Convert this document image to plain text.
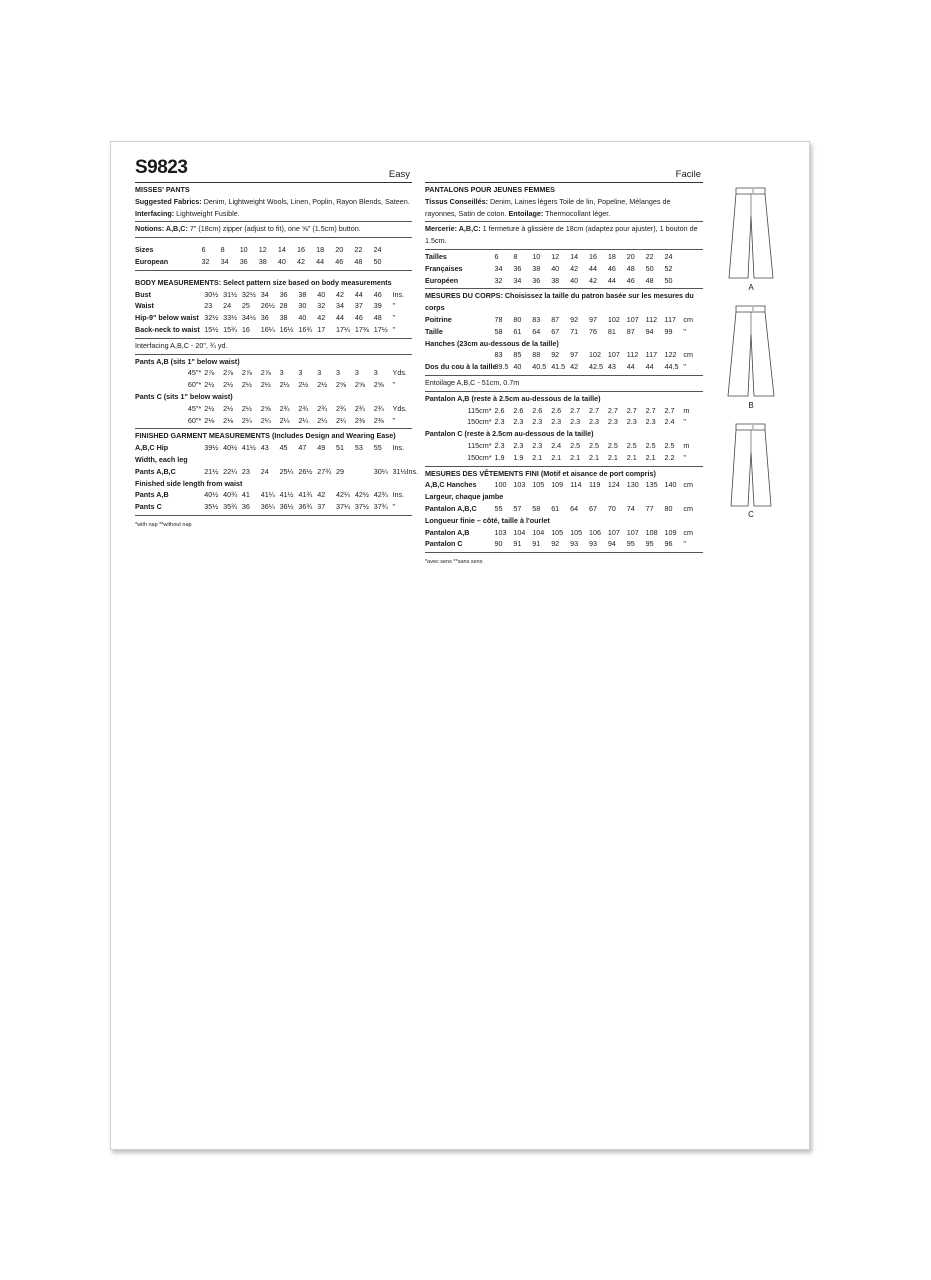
S9823	Easy
MISSES' PANTS
Suggested Fabrics: Denim, Lightweight Wools, Linen, Poplin, Rayon Blends, Sateen.
Interfacing: Lightweight Fusible.
Notions: A,B,C: 7" (18cm) zipper (adjust to fit), one ⅝" (1.5cm) button.
Sizes	6	8	10	12	14	16	18	20	22	24	
European	32	34	36	38	40	42	44	46	48	50	
BODY MEASUREMENTS: Select pattern size based on body measurements
Bust	30½	31½	32½	34	36	38	40	42	44	46	Ins.
Waist	23	24	25	26½	28	30	32	34	37	39	"
Hip-9" below waist	32½	33½	34½	36	38	40	42	44	46	48	"
Back-neck to waist	15½	15¾	16	16¼	16½	16¾	17	17¼	17⅜	17½	"
Interfacing A,B,C - 20", ¾ yd.
Pants A,B (sits 1" below waist)
45"*	2⅞	2⅞	2⅞	2⅞	3	3	3	3	3	3	Yds.
60"*	2½	2½	2½	2½	2½	2½	2½	2⅝	2⅝	2⅝	"
Pants C (sits 1" below waist)
45"*	2½	2½	2½	2⅝	2¾	2¾	2¾	2¾	2¾	2¾	Yds.
60"*	2⅛	2⅛	2¼	2¼	2¼	2¼	2¼	2¼	2⅜	2⅜	"
FINISHED GARMENT MEASUREMENTS (Includes Design and Wearing Ease)
A,B,C Hip	39½	40½	41½	43	45	47	49	51	53	55	Ins.
Width, each leg
Pants A,B,C	21½	22¼	23	24	25¼	26½	27¾	29		30¼	31½Ins.
Finished side length from waist
Pants A,B	40½	40¾	41	41¼	41½	41¾	42	42¼	42½	42¾	Ins.
Pants C	35½	35¾	36	36¼	36½	36¾	37	37¼	37½	37¾	"
*with nap **without nap
Facile
PANTALONS POUR JEUNES FEMMES
Tissus Conseillés: Denim, Laines légers Toile de lin, Popeline, Mélanges de rayonnes, Satin de coton. Entoilage: Thermocollant léger.
Mercerie: A,B,C: 1 fermeture à glissière de 18cm (adaptez pour ajuster), 1 bouton de 1.5cm.
Tailles	6	8	10	12	14	16	18	20	22	24	
Françaises	34	36	38	40	42	44	46	48	50	52	
Européen	32	34	36	38	40	42	44	46	48	50	
MESURES DU CORPS: Choisissez la taille du patron basée sur les mesures du corps
Poitrine	78	80	83	87	92	97	102	107	112	117	cm
Taille	58	61	64	67	71	76	81	87	94	99	"
Hanches (23cm au-dessous de la taille)
	83	85	88	92	97	102	107	112	117	122	cm
Dos du cou à la taille	39.5	40	40.5	41.5	42	42.5	43	44	44	44.5	"
Entoilage A,B,C - 51cm, 0.7m
Pantalon A,B (reste à 2.5cm au-dessous de la taille)
115cm*	2.6	2.6	2.6	2.6	2.7	2.7	2.7	2.7	2.7	2.7	m
150cm*	2.3	2.3	2.3	2.3	2.3	2.3	2.3	2.3	2.3	2.4	"
Pantalon C (reste à 2.5cm au-dessous de la taille)
115cm*	2.3	2.3	2.3	2.4	2.5	2.5	2.5	2.5	2.5	2.5	m
150cm*	1.9	1.9	2.1	2.1	2.1	2.1	2.1	2.1	2.1	2.2	"
MESURES DES VÊTEMENTS FINI (Motif et aisance de port compris)
A,B,C Hanches	100	103	105	109	114	119	124	130	135	140	cm
Largeur, chaque jambe
Pantalon A,B,C	55	57	58	61	64	67	70	74	77	80	cm
Longueur finie – côté, taille à l'ourlet
Pantalon A,B	103	104	104	105	105	106	107	107	108	109	cm
Pantalon C	90	91	91	92	93	93	94	95	95	96	"
*avec sens **sans sens
A
B
C
